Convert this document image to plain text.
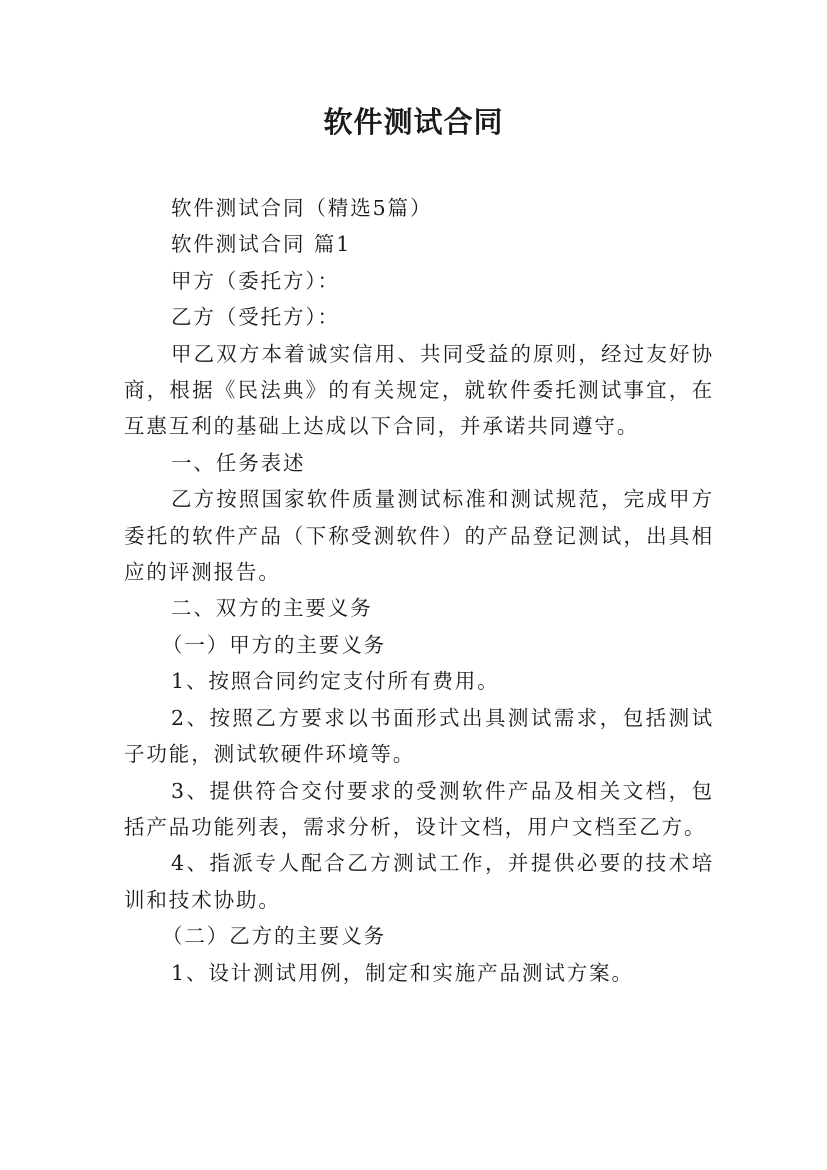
软件测试合同

软件测试合同（精选5篇）

软件测试合同 篇1

甲方（委托方）：

乙方（受托方）：

甲乙双方本着诚实信用、共同受益的原则，经过友好协商，根据《民法典》的有关规定，就软件委托测试事宜，在互惠互利的基础上达成以下合同，并承诺共同遵守。

一、任务表述

乙方按照国家软件质量测试标准和测试规范，完成甲方委托的软件产品（下称受测软件）的产品登记测试，出具相应的评测报告。

二、双方的主要义务

（一）甲方的主要义务

1、按照合同约定支付所有费用。

2、按照乙方要求以书面形式出具测试需求，包括测试子功能，测试软硬件环境等。

3、提供符合交付要求的受测软件产品及相关文档，包括产品功能列表，需求分析，设计文档，用户文档至乙方。

4、指派专人配合乙方测试工作，并提供必要的技术培训和技术协助。

（二）乙方的主要义务

1、设计测试用例，制定和实施产品测试方案。
